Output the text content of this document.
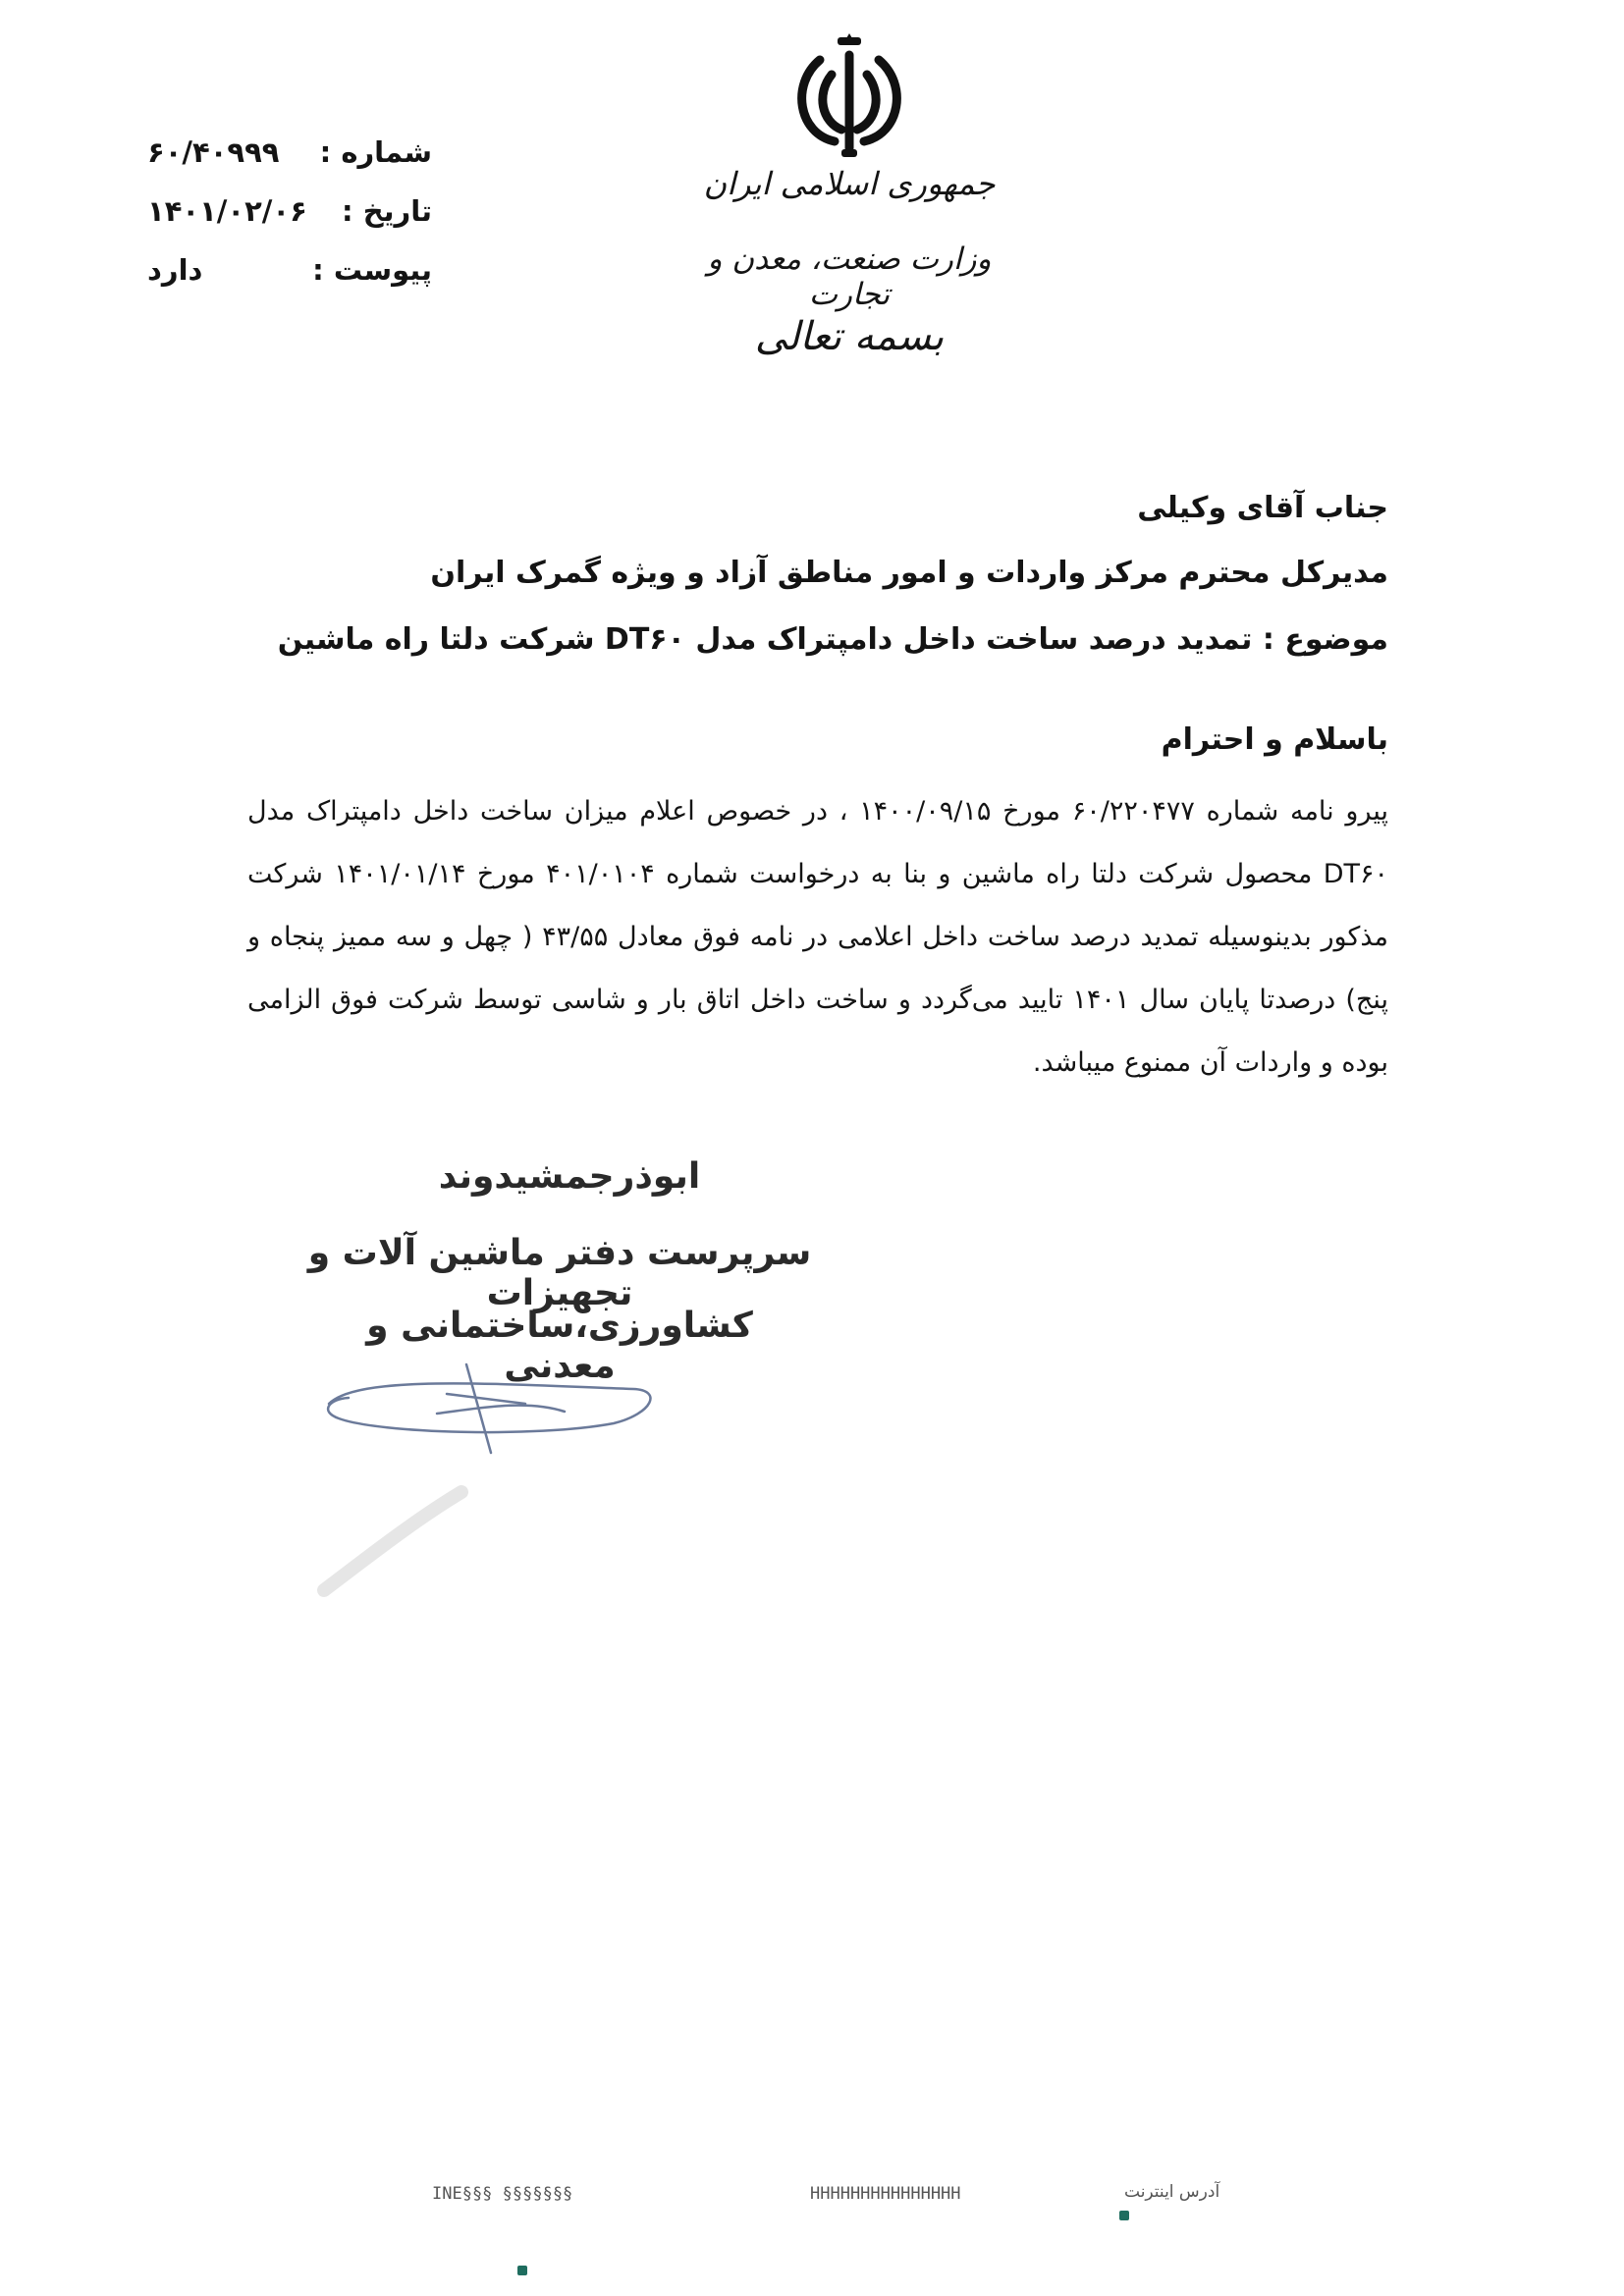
جمهوری اسلامی ایران
وزارت صنعت، معدن و تجارت
بسمه تعالی
شماره :
۶۰/۴۰۹۹۹
تاریخ :
۱۴۰۱/۰۲/۰۶
پیوست :
دارد
جناب آقای وکیلی
مدیرکل محترم مرکز واردات و امور مناطق آزاد و ویژه گمرک ایران
موضوع : تمدید درصد ساخت داخل دامپتراک مدل DT۶۰ شرکت دلتا راه ماشین
باسلام و احترام
پیرو نامه شماره ۶۰/۲۲۰۴۷۷ مورخ ۱۴۰۰/۰۹/۱۵ ، در خصوص اعلام میزان ساخت داخل دامپتراک مدل DT۶۰ محصول شرکت دلتا راه ماشین و بنا به درخواست شماره ۴۰۱/۰۱۰۴ مورخ ۱۴۰۱/۰۱/۱۴ شرکت مذکور بدینوسیله تمدید درصد ساخت داخل اعلامی در نامه فوق معادل ۴۳/۵۵ ( چهل و سه ممیز پنجاه و پنج) درصدتا پایان سال ۱۴۰۱ تایید می‌گردد و ساخت داخل اتاق بار و شاسی توسط شرکت فوق الزامی بوده و واردات آن ممنوع میباشد.
ابوذرجمشیدوند
سرپرست دفتر ماشین آلات و تجهیزات
کشاورزی،ساختمانی و معدنی
INE§§§ §§§§§§§	HHHHHHHHHHHHHHH	آدرس اینترنت
